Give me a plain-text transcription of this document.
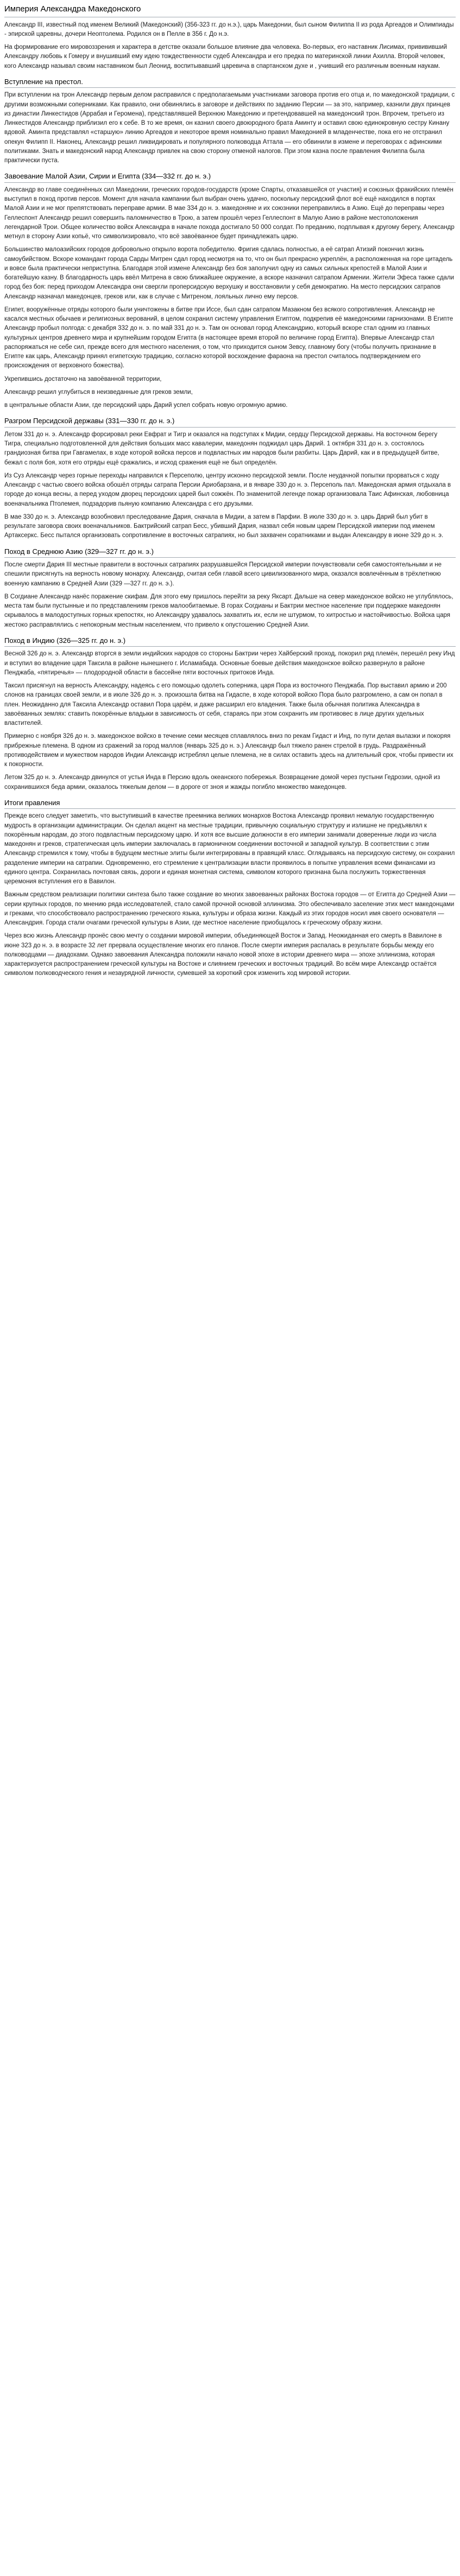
Империя Александра Македонского

Александр III, известный под именем Великий (Македонский) (356-323 гг. до н.э.), царь Македонии, был сыном Филиппа II из рода Аргеадов и Олимпиады - эпирской царевны, дочери Неоптолема. Родился он в Пелле в 356 г. До н.э.

На формирование его мировоззрения и характера в детстве оказали большое влияние два человека. Во-первых, его наставник Лисимах, привививший Александру любовь к Гомеру и внушивший ему идею тождественности судеб Александра и его предка по материнской линии Ахилла. Второй человек, кого Александр называл своим наставником был Леонид, воспитывавший царевича в спартанском духе и , учивший его различным военным наукам.

Вступление на престол.

При вступлении на трон Александр первым делом расправился с предполагаемыми участниками заговора против его отца и, по македонской традиции, с другими возможными соперниками. Как правило, они обвинялись в заговоре и действиях по заданию Персии — за это, например, казнили двух принцев из династии Линкестидов (Аррабая и Геромена), представлявшей Верхнюю Македонию и претендовавшей на македонский трон. Впрочем, третьего из Линкестидов Александр приблизил его к себе. В то же время, он казнил своего двоюродного брата Аминту и оставил свою единокровную сестру Кинану вдовой. Аминта представлял «старшую» линию Аргеадов и некоторое время номинально правил Македонией в младенчестве, пока его не отстранил опекун Филипп II. Наконец, Александр решил ликвидировать и популярного полководца Аттала — его обвинили в измене и переговорах с афинскими политиками. Знать и македонский народ Александр привлек на свою сторону отменой налогов. При этом казна после правления Филиппа была практически пуста.

Завоевание Малой Азии, Сирии и Египта (334—332 гг. до н. э.)

Александр во главе соединённых сил Македонии, греческих городов-государств (кроме Спарты, отказавшейся от участия) и союзных фракийских племён выступил в поход против персов. Момент для начала кампании был выбран очень удачно, поскольку персидский флот всё ещё находился в портах Малой Азии и не мог препятствовать переправе армии. В мае 334 до н. э. македоняне и их союзники переправились в Азию. Ещё до переправы через Геллеспонт Александр решил совершить паломничество в Трою, а затем прошёл через Геллеспонт в Малую Азию в районе местоположения легендарной Трои. Общее количество войск Александра в начале похода достигало 50 000 солдат. По преданию, подплывая к другому берегу, Александр метнул в сторону Азии копьё, что символизировало, что всё завоёванное будет принадлежать царю.

Большинство малоазийских городов добровольно открыло ворота победителю. Фригия сдалась полностью, а её сатрап Атизий покончил жизнь самоубийством. Вскоре командант города Сарды Митрен сдал город несмотря на то, что он был прекрасно укреплён, а расположенная на горе цитадель и вовсе была практически неприступна. Благодаря этой измене Александр без боя заполучил одну из самых сильных крепостей в Малой Азии и богатейшую казну. В благодарность царь ввёл Митрена в свою ближайшее окружение, а вскоре назначил сатрапом Армении. Жители Эфеса также сдали город без боя: перед приходом Александра они свергли проперсидскую верхушку и восстановили у себя демократию. На место персидских сатрапов Александр назначал македонцев, греков или, как в случае с Митреном, лояльных лично ему персов.

Египет, вооружённые отряды которого были уничтожены в битве при Иссе, был сдан сатрапом Мазакном без всякого сопротивления. Александр не касался местных обычаев и религиозных верований, в целом сохранил систему управления Египтом, подкрепив её македонскими гарнизонами. В Египте Александр пробыл полгода: с декабря 332 до н. э. по май 331 до н. э. Там он основал город Александрию, который вскоре стал одним из главных культурных центров древнего мира и крупнейшим городом Египта (в настоящее время второй по величине город Египта). Впервые Александр стал распоряжаться не себе сил, прежде всего для местного населения, о том, что приходится сыном Зевсу, главному богу (чтобы получить признание в Египте как царь, Александр принял египетскую традицию, согласно которой восхождение фараона на престол считалось подтверждением его происхождения от верховного божества).

Укрепившись достаточно на завоёванной территории,

Александр решил углубиться в неизведанные для греков земли,

в центральные области Азии, где персидский царь Дарий успел собрать новую огромную армию.

Разгром Персидской державы (331—330 гг. до н. э.)

Летом 331 до н. э. Александр форсировал реки Евфрат и Тигр и оказался на подступах к Мидии, сердцу Персидской державы. На восточном берегу Тигра, специально подготовленной для действия больших масс кавалерии, македонян поджидал царь Дарий. 1 октября 331 до н. э. состоялось грандиозная битва при Гавгамелах, в ходе которой войска персов и подвластных им народов были разбиты. Царь Дарий, как и в предыдущей битве, бежал с поля боя, хотя его отряды ещё сражались, и исход сражения ещё не был определён.

Из Суз Александр через горные переходы направился к Персеполю, центру исконно персидской земли. После неудачной попытки прорваться с ходу Александр с частью своего войска обошёл отряды сатрапа Персии Ариобарзана, и в январе 330 до н. э. Персеполь пал. Македонская армия отдыхала в городе до конца весны, а перед уходом дворец персидских царей был сожжён. По знаменитой легенде пожар организовала Таис Афинская, любовница военачальника Птолемея, подзадорив пьяную компанию Александра с его друзьями.

В мае 330 до н. э. Александр возобновил преследование Дария, сначала в Мидии, а затем в Парфии. В июле 330 до н. э. царь Дарий был убит в результате заговора своих военачальников. Бактрийский сатрап Бесс, убивший Дария, назвал себя новым царем Персидской империи под именем Артаксеркс. Бесс пытался организовать сопротивление в восточных сатрапиях, но был захвачен соратниками и выдан Александру в июне 329 до н. э.

Поход в Среднюю Азию (329—327 гг. до н. э.)

После смерти Дария III местные правители в восточных сатрапиях разрушавшейся Персидской империи почувствовали себя самостоятельными и не спешили присягнуть на верность новому монарху. Александр, считая себя главой всего цивилизованного мира, оказался вовлечённым в трёхлетнюю военную кампанию в Средней Азии (329 —327 гг. до н. э.).

В Согдиане Александр нанёс поражение скифам. Для этого ему пришлось перейти за реку Яксарт. Дальше на север македонское войско не углублялось, места там были пустынные и по представлениям греков малообитаемые. В горах Согдианы и Бактрии местное население при поддержке македонян скрывалось в малодоступных горных крепостях, но Александру удавалось захватить их, если не штурмом, то хитростью и настойчивостью. Войска царя жестоко расправлялись с непокорным местным населением, что привело к опустошению Средней Азии.

Поход в Индию (326—325 гг. до н. э.)

Весной 326 до н. э. Александр вторгся в земли индийских народов со стороны Бактрии через Хайберский проход, покорил ряд племён, перешёл реку Инд и вступил во владение царя Таксила в районе нынешнего г. Исламабада. Основные боевые действия македонское войско развернуло в районе Пенджаба, «пятиречья» — плодородной области в бассейне пяти восточных притоков Инда.

Таксил присягнул на верность Александру, надеясь с его помощью одолеть соперника, царя Пора из восточного Пенджаба. Пор выставил армию и 200 слонов на границах своей земли, и в июле 326 до н. э. произошла битва на Гидаспе, в ходе которой войско Пора было разгромлено, а сам он попал в плен. Неожиданно для Таксила Александр оставил Пора царём, и даже расширил его владения. Также была обычная политика Александра в завоёванных землях: ставить покорённые владыки в зависимость от себя, стараясь при этом сохранить им противовес в лице других удельных властителей.

Примерно с ноября 326 до н. э. македонское войско в течение семи месяцев сплавлялось вниз по рекам Гидаст и Инд, по пути делая вылазки и покоряя прибрежные племена. В одном из сражений за город маллов (январь 325 до н. э.) Александр был тяжело ранен стрелой в грудь. Раздражённый противодействием и мужеством народов Индии Александр истреблял целые племена, не в силах оставить здесь на длительный срок, чтобы привести их к покорности.

Летом 325 до н. э. Александр двинулся от устья Инда в Персию вдоль океанского побережья. Возвращение домой через пустыни Гедрозии, одной из сохранившихся беда армии, оказалось тяжелым делом — в дороге от зноя и жажды погибло множество македонцев.

Итоги правления

Прежде всего следует заметить, что выступивший в качестве преемника великих монархов Востока Александр проявил немалую государственную мудрость в организации администрации. Он сделал акцент на местные традиции, привычную социальную структуру и излишне не предъявлял к покорённым народам, до этого подвластным персидскому царю. И хотя все высшие должности в его империи занимали доверенные люди из числа македонян и греков, стратегическая цель империи заключалась в гармоничном соединении восточной и западной культур. В соответствии с этим Александр стремился к тому, чтобы в будущем местные элиты были интегрированы в правящий класс. Оглядываясь на персидскую систему, он сохранил разделение империи на сатрапии. Одновременно, его стремление к централизации власти проявилось в попытке управления всеми финансами из единого центра. Сохранилась почтовая связь, дороги и единая монетная система, символом которого признана была послужить торжественная церемония вступления его в Вавилон.

Важным средством реализации политики синтеза было также создание во многих завоеванных районах Востока городов — от Египта до Средней Азии — серии крупных городов, по мнению ряда исследователей, стало самой прочной основой эллинизма. Это обеспечивало заселение этих мест македонцами и греками, что способствовало распространению греческого языка, культуры и образа жизни. Каждый из этих городов носил имя своего основателя — Александрия. Города стали очагами греческой культуры в Азии, где местное население приобщалось к греческому образу жизни.

Через всю жизнь Александр пронёс свою мечту о создании мировой империи, объединяющей Восток и Запад. Неожиданная его смерть в Вавилоне в июне 323 до н. э. в возрасте 32 лет прервала осуществление многих его планов. После смерти империя распалась в результате борьбы между его полководцами — диадохами. Однако завоевания Александра положили начало новой эпохе в истории древнего мира — эпохе эллинизма, которая характеризуется распространением греческой культуры на Востоке и слиянием греческих и восточных традиций. Во всём мире Александр остаётся символом полководческого гения и незаурядной личности, сумевшей за короткий срок изменить ход мировой истории.
